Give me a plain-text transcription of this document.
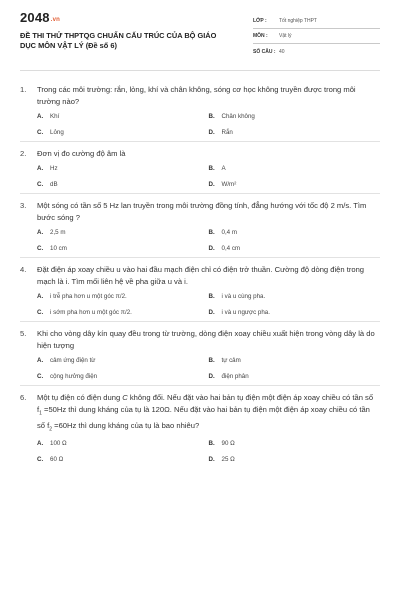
2048.vn
ĐỀ THI THỬ THPTQG CHUẨN CẤU TRÚC CỦA BỘ GIÁO DỤC MÔN VẬT LÝ (Đề số 6)
LỚP :	Tốt nghiệp THPT
MÔN :	Vật lý
SỐ CÂU : 40
1.	Trong các môi trường: rắn, lỏng, khí và chân không, sóng cơ học không truyền được trong môi trường nào?
A.	Khí	B.	Chân không
C.	Lỏng	D.	Rắn
2.	Đơn vị đo cường độ âm là
A.	Hz	B.	A
C.	dB	D.	W/m²
3.	Một sóng có tần số 5 Hz lan truyền trong môi trường đồng tính, đẳng hướng với tốc độ 2 m/s. Tìm bước sóng ?
A.	2,5 m	B.	0,4 m
C.	10 cm	D.	0,4 cm
4.	Đặt điện áp xoay chiều u vào hai đầu mạch điện chỉ có điện trở thuần. Cường độ dòng điện trong mạch là i. Tìm mối liên hệ về pha giữa u và i.
A.	i trễ pha hơn u một góc π/2.	B.	i và u cùng pha.
C.	i sớm pha hơn u một góc π/2.	D.	i và u ngược pha.
5.	Khi cho vòng dây kín quay đều trong từ trường, dòng điện xoay chiều xuất hiện trong vòng dây là do hiện tượng
A.	cảm ứng điện từ	B.	tự cảm
C.	cộng hưởng điện	D.	điện phân
6.	Một tụ điện có điện dung C không đổi. Nếu đặt vào hai bản tụ điện một điện áp xoay chiều có tần số $f_1 =50Hz$ thì dung kháng của tụ là 120Ω. Nếu đặt vào hai bản tụ điện một điện áp xoay chiều có tần số $f_2 =60Hz$ thì dung kháng của tụ là bao nhiêu?
A.	100 Ω	B.	90 Ω
C.	60 Ω	D.	25 Ω
